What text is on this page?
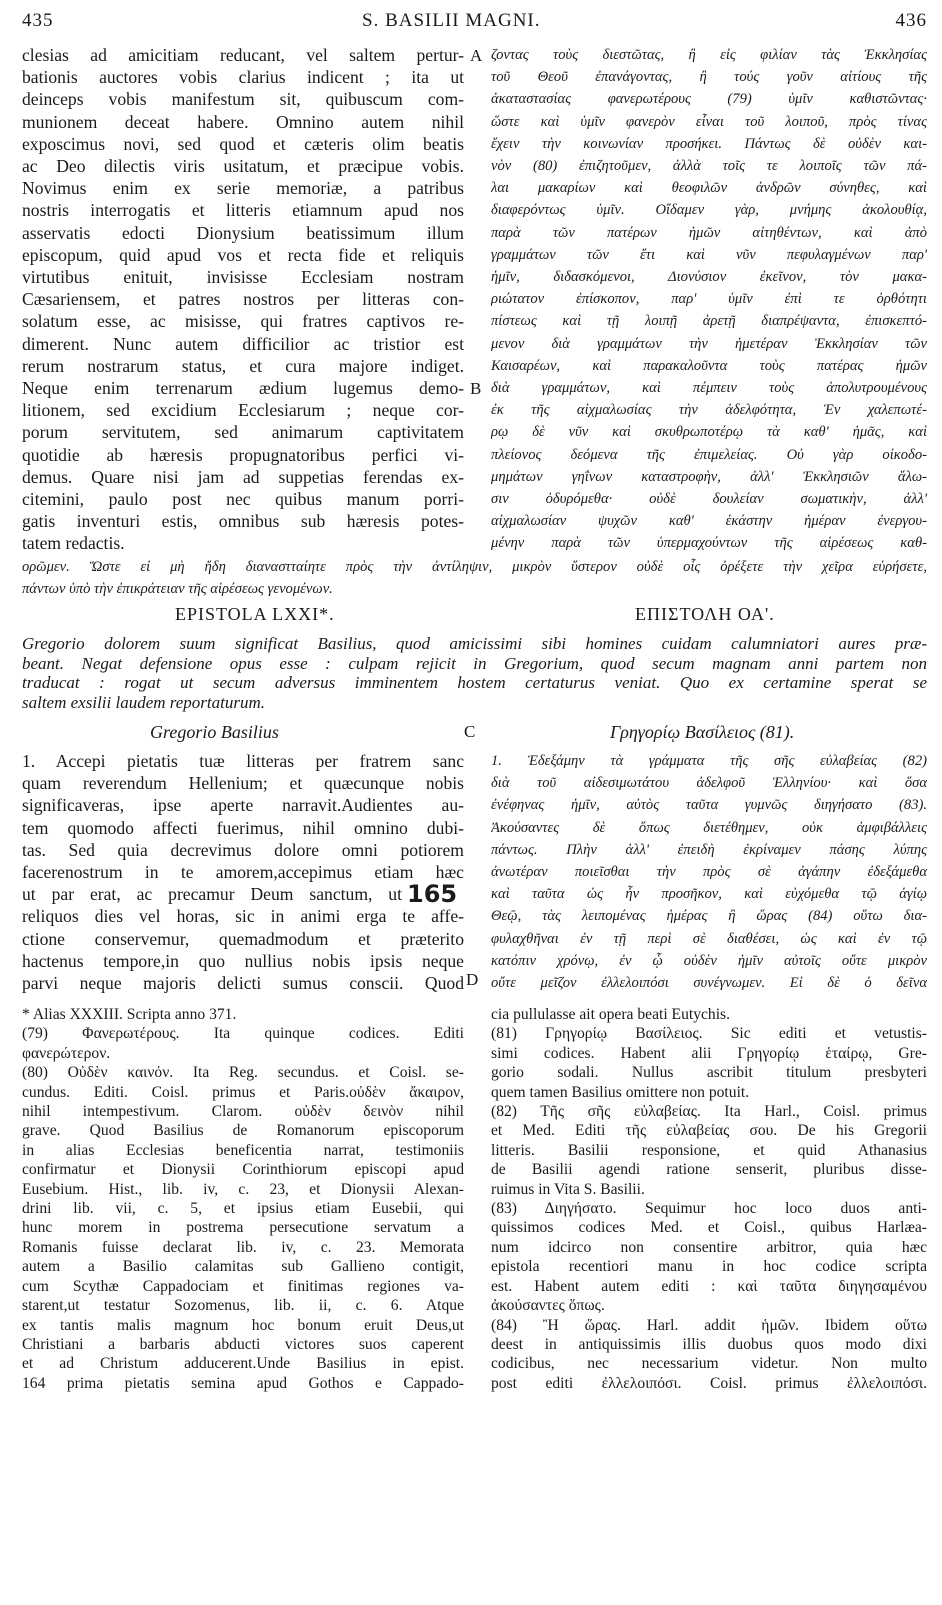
435	S. BASILII MAGNI.	436
clesias ad amicitiam reducant, vel saltem pertur-
bationis auctores vobis clarius indicent ; ita ut
deinceps vobis manifestum sit, quibuscum com-
munionem deceat habere. Omnino autem nihil
exposcimus novi, sed quod et cæteris olim beatis
ac Deo dilectis viris usitatum, et præcipue vobis.
Novimus enim ex serie memoriæ, a patribus
nostris interrogatis et litteris etiamnum apud nos
asservatis edocti Dionysium beatissimum illum
episcopum, quid apud vos et recta fide et reliquis
virtutibus enituit, invisisse Ecclesiam nostram
Cæsariensem, et patres nostros per litteras con-
solatum esse, ac misisse, qui fratres captivos re-
dimerent. Nunc autem difficilior ac tristior est
rerum nostrarum status, et cura majore indiget.
Neque enim terrenarum ædium lugemus demo-
litionem, sed excidium Ecclesiarum ; neque cor-
porum servitutem, sed animarum captivitatem
quotidie ab hæresis propugnatoribus perfici vi-
demus. Quare nisi jam ad suppetias ferendas ex-
citemini, paulo post nec quibus manum porri-
gatis inventuri estis, omnibus sub hæresis potes-
tatem redactis.
A
B
ζοντας τοὺς διεστῶτας, ἢ εἰς φιλίαν τὰς Ἐκκλησίας
τοῦ Θεοῦ ἐπανάγοντας, ἢ τούς γοῦν αἰτίους τῆς
ἀκαταστασίας φανερωτέρους (79) ὑμῖν καθιστῶντας·
ὥστε καὶ ὑμῖν φανερὸν εἶναι τοῦ λοιποῦ, πρὸς τίνας
ἔχειν τὴν κοινωνίαν προσήκει. Πάντως δὲ οὐδὲν και-
νὸν (80) ἐπιζητοῦμεν, ἀλλὰ τοῖς τε λοιποῖς τῶν πά-
λαι μακαρίων καὶ θεοφιλῶν ἀνδρῶν σύνηθες, καὶ
διαφερόντως ὑμῖν. Οἴδαμεν γὰρ, μνήμης ἀκολουθίᾳ,
παρὰ τῶν πατέρων ἡμῶν αἰτηθέντων, καὶ ἀπὸ
γραμμάτων τῶν ἔτι καὶ νῦν πεφυλαγμένων παρ'
ἡμῖν, διδασκόμενοι, Διονύσιον ἐκεῖνον, τὸν μακα-
ριώτατον ἐπίσκοπον, παρ' ὑμῖν ἐπὶ τε ὀρθότητι
πίστεως καὶ τῇ λοιπῇ ἀρετῇ διαπρέψαντα, ἐπισκεπτό-
μενον διὰ γραμμάτων τὴν ἡμετέραν Ἐκκλησίαν τῶν
Καισαρέων, καὶ παρακαλοῦντα τοὺς πατέρας ἡμῶν
διὰ γραμμάτων, καὶ πέμπειν τοὺς ἀπολυτρουμένους
ἐκ τῆς αἰχμαλωσίας τὴν ἀδελφότητα, Ἐν χαλεπωτέ-
ρῳ δὲ νῦν καὶ σκυθρωποτέρῳ τὰ καθ' ἡμᾶς, καὶ
πλείονος δεόμενα τῆς ἐπιμελείας. Οὐ γὰρ οἰκοδο-
μημάτων γηΐνων καταστροφὴν, ἀλλ' Ἐκκλησιῶν ἅλω-
σιν ὀδυρόμεθα· οὐδὲ δουλείαν σωματικὴν, ἀλλ'
αἰχμαλωσίαν ψυχῶν καθ' ἑκάστην ἡμέραν ἐνεργου-
μένην παρὰ τῶν ὑπερμαχούντων τῆς αἱρέσεως καθ-
ορῶμεν. Ὥστε εἰ μὴ ἤδη διαναστταίητε πρὸς τὴν ἀντίληψιν, μικρὸν ὕστερον οὐδὲ οἷς ὀρέξετε τὴν χεῖρα εὑρήσετε,
πάντων ὑπὸ τὴν ἐπικράτειαν τῆς αἱρέσεως γενομένων.
EPISTOLA LXXI*.	ΕΠΙΣΤΟΛΗ ΟΑ'.
Gregorio dolorem suum significat Basilius, quod amicissimi sibi homines cuidam calumniatori aures præ-
beant. Negat defensione opus esse : culpam rejicit in Gregorium, quod secum magnam anni partem non
traducat : rogat ut secum adversus imminentem hostem certaturus veniat. Quo ex certamine sperat se
saltem exsilii laudem reportaturum.
Gregorio Basilius	C	Γρηγορίῳ Βασίλειος (81).
1. Accepi pietatis tuæ litteras per fratrem sanc
quam reverendum Hellenium; et quæcunque nobis
significaveras, ipse aperte narravit.Audientes au-
tem quomodo affecti fuerimus, nihil omnino dubi-
tas. Sed quia decrevimus dolore omni potiorem
facerenostrum in te amorem,accepimus etiam hæc
ut par erat, ac precamur Deum sanctum, ut
reliquos dies vel horas, sic in animi erga te affe-
ctione conservemur, quemadmodum et præterito
hactenus tempore,in quo nullius nobis ipsis neque
parvi neque majoris delicti sumus conscii. Quod
165
D
1. Ἐδεξάμην τὰ γράμματα τῆς σῆς εὐλαβείας (82)
διὰ τοῦ αἰδεσιμωτάτου ἀδελφοῦ Ἑλληνίου· καὶ ὅσα
ἐνέφηνας ἡμῖν, αὐτὸς ταῦτα γυμνῶς διηγήσατο (83).
Ἀκούσαντες δὲ ὅπως διετέθημεν, οὐκ ἀμφιβάλλεις
πάντως. Πλὴν ἀλλ' ἐπειδὴ ἐκρίναμεν πάσης λύπης
ἀνωτέραν ποιεῖσθαι τὴν πρὸς σὲ ἀγάπην ἐδεξάμεθα
καὶ ταῦτα ὡς ἦν προσῆκον, καὶ εὐχόμεθα τῷ ἁγίῳ
Θεῷ, τὰς λειπομένας ἡμέρας ἢ ὥρας (84) οὕτω δια-
φυλαχθῆναι ἐν τῇ περὶ σὲ διαθέσει, ὡς καὶ ἐν τῷ
κατόπιν χρόνῳ, ἐν ᾧ οὐδὲν ἡμῖν αὐτοῖς οὔτε μικρὸν
οὔτε μεῖζον ἐλλελοιπόσι συνέγνωμεν. Εἰ δὲ ὁ δεῖνα
* Alias XXXIII. Scripta anno 371.
(79) Φανερωτέρους. Ita quinque codices. Editi
φανερώτερον.
(80) Οὐδὲν καινόν. Ita Reg. secundus. et Coisl. se-
cundus. Editi. Coisl. primus et Paris.οὐδὲν ἄκαιρον,
nihil intempestivum. Clarom. οὐδὲν δεινὸν nihil
grave. Quod Basilius de Romanorum episcoporum
in alias Ecclesias beneficentia narrat, testimoniis
confirmatur et Dionysii Corinthiorum episcopi apud
Eusebium. Hist., lib. iv, c. 23, et Dionysii Alexan-
drini lib. vii, c. 5, et ipsius etiam Eusebii, qui
hunc morem in postrema persecutione servatum a
Romanis fuisse declarat lib. iv, c. 23. Memorata
autem a Basilio calamitas sub Gallieno contigit,
cum Scythæ Cappadociam et finitimas regiones va-
starent,ut testatur Sozomenus, lib. ii, c. 6. Atque
ex tantis malis magnum hoc bonum eruit Deus,ut
Christiani a barbaris abducti victores suos caperent
et ad Christum adducerent.Unde Basilius in epist.
164 prima pietatis semina apud Gothos e Cappado-
cia pullulasse ait opera beati Eutychis.
(81) Γρηγορίῳ Βασίλειος. Sic editi et vetustis-
simi codices. Habent alii Γρηγορίῳ ἑταίρῳ, Gre-
gorio sodali. Nullus ascribit titulum presbyteri
quem tamen Basilius omittere non potuit.
(82) Τῆς σῆς εὐλαβείας. Ita Harl., Coisl. primus
et Med. Editi τῆς εὐλαβείας σου. De his Gregorii
litteris. Basilii responsione, et quid Athanasius
de Basilii agendi ratione senserit, pluribus disse-
ruimus in Vita S. Basilii.
(83) Διηγήσατο. Sequimur hoc loco duos anti-
quissimos codices Med. et Coisl., quibus Harlæa-
num idcirco non consentire arbitror, quia hæc
epistola recentiori manu in hoc codice scripta
est. Habent autem editi : καὶ ταῦτα διηγησαμένου
ἀκούσαντες ὅπως.
(84) Ἢ ὥρας. Harl. addit ἡμῶν. Ibidem οὕτω
deest in antiquissimis illis duobus quos modo dixi
codicibus, nec necessarium videtur. Non multo
post editi ἐλλελοιπόσι. Coisl. primus ἐλλελοιπόσι.
